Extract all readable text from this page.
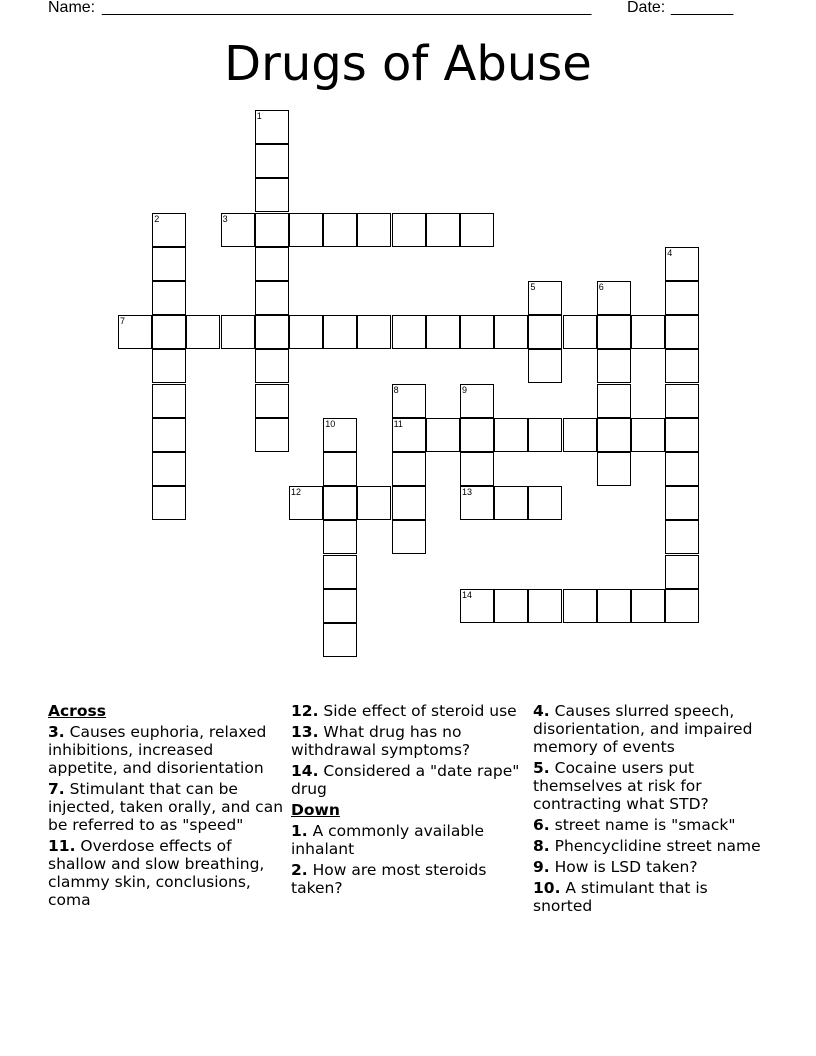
Name: _______________________________________________________ Date: _______
Drugs of Abuse
1
2	3
4
5	6
7
8
11
9
13
10
12
14
Across
3. Causes euphoria, relaxed inhibitions, increased appetite, and disorientation
7. Stimulant that can be injected, taken orally, and can be referred to as "speed"
11. Overdose effects of shallow and slow breathing, clammy skin, conclusions, coma
12. Side effect of steroid use
13. What drug has no withdrawal symptoms?
14. Considered a "date rape" drug
Down
1. A commonly available inhalant
2. How are most steroids taken?
4. Causes slurred speech, disorientation, and impaired memory of events
5. Cocaine users put themselves at risk for contracting what STD?
6. street name is "smack"
8. Phencyclidine street name
9. How is LSD taken?
10. A stimulant that is snorted
